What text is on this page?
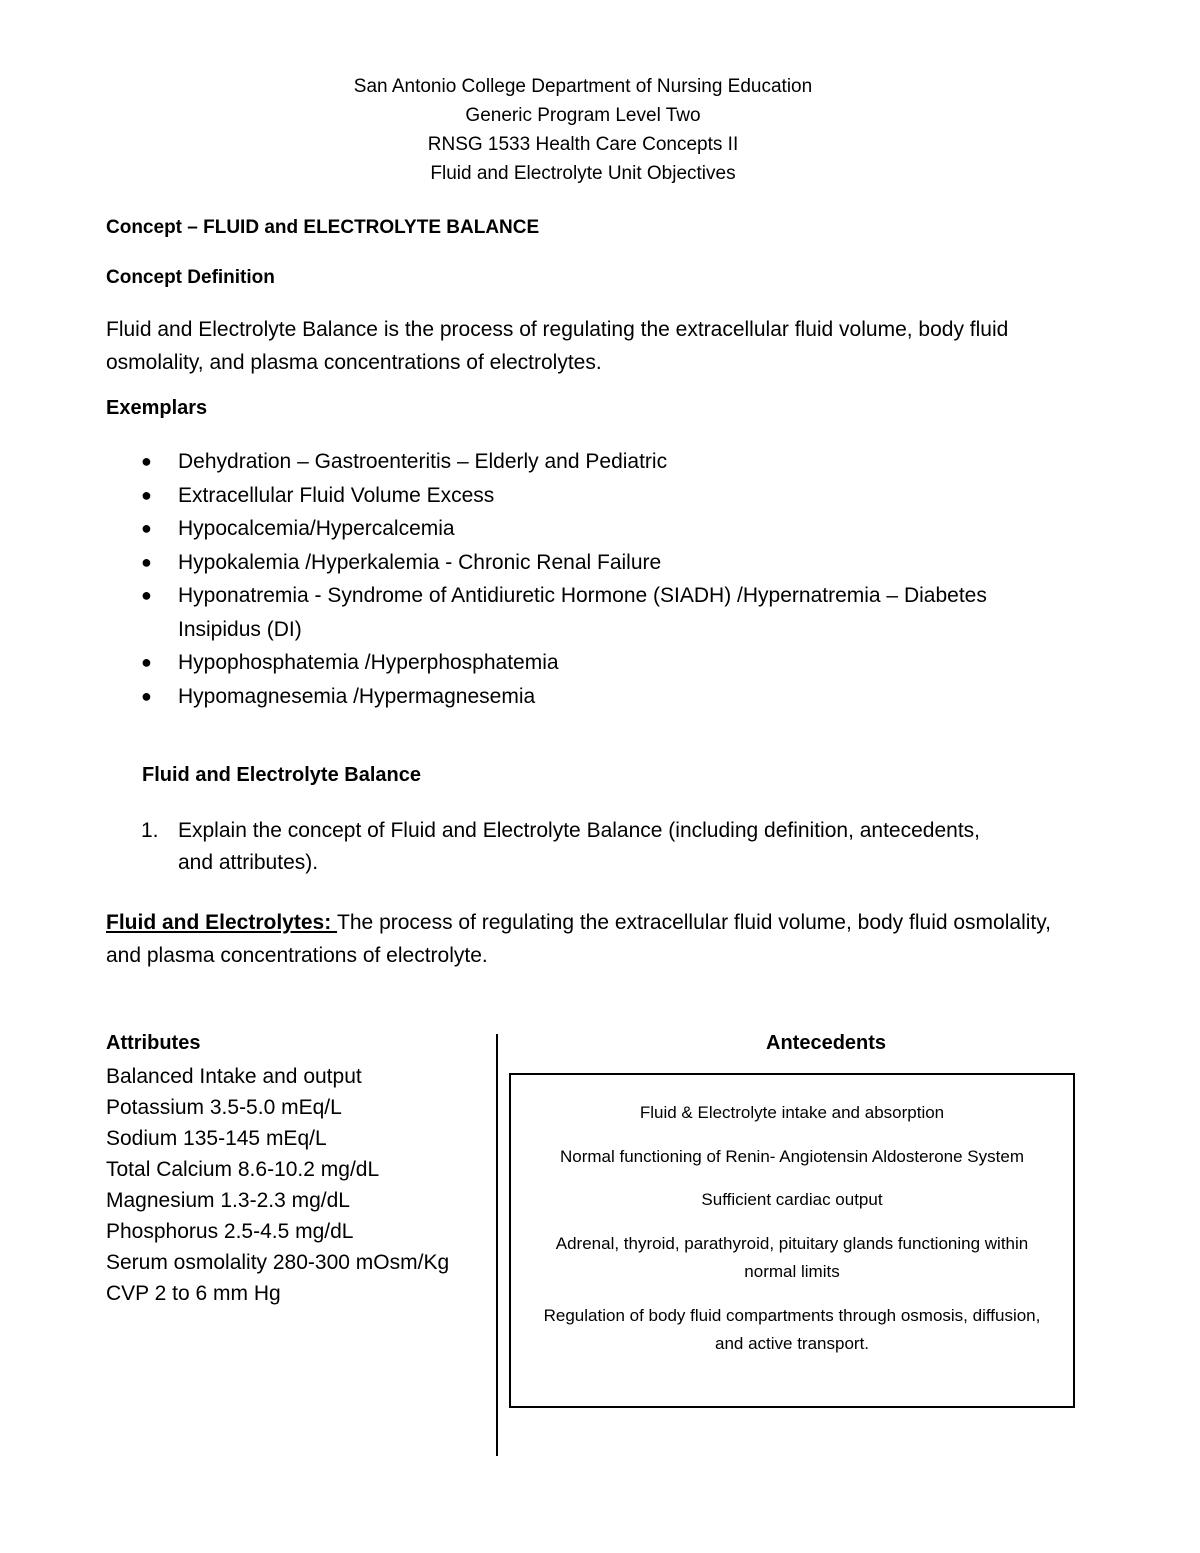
San Antonio College Department of Nursing Education
Generic Program Level Two
RNSG 1533 Health Care Concepts II
Fluid and Electrolyte Unit Objectives
Concept – FLUID and ELECTROLYTE BALANCE
Concept Definition
Fluid and Electrolyte Balance is the process of regulating the extracellular fluid volume, body fluid osmolality, and plasma concentrations of electrolytes.
Exemplars
● Dehydration – Gastroenteritis – Elderly and Pediatric
● Extracellular Fluid Volume Excess
● Hypocalcemia/Hypercalcemia
● Hypokalemia /Hyperkalemia - Chronic Renal Failure
● Hyponatremia - Syndrome of Antidiuretic Hormone (SIADH) /Hypernatremia – Diabetes Insipidus (DI)
● Hypophosphatemia /Hyperphosphatemia
● Hypomagnesemia /Hypermagnesemia
Fluid and Electrolyte Balance
1. Explain the concept of Fluid and Electrolyte Balance (including definition, antecedents, and attributes).
Fluid and Electrolytes: The process of regulating the extracellular fluid volume, body fluid osmolality, and plasma concentrations of electrolyte.
Attributes
Balanced Intake and output
Potassium 3.5-5.0 mEq/L
Sodium 135-145 mEq/L
Total Calcium 8.6-10.2 mg/dL
Magnesium 1.3-2.3 mg/dL
Phosphorus 2.5-4.5 mg/dL
Serum osmolality 280-300 mOsm/Kg
CVP 2 to 6 mm Hg
Antecedents
Fluid & Electrolyte intake and absorption
Normal functioning of Renin- Angiotensin Aldosterone System
Sufficient cardiac output
Adrenal, thyroid, parathyroid, pituitary glands functioning within normal limits
Regulation of body fluid compartments through osmosis, diffusion, and active transport.
